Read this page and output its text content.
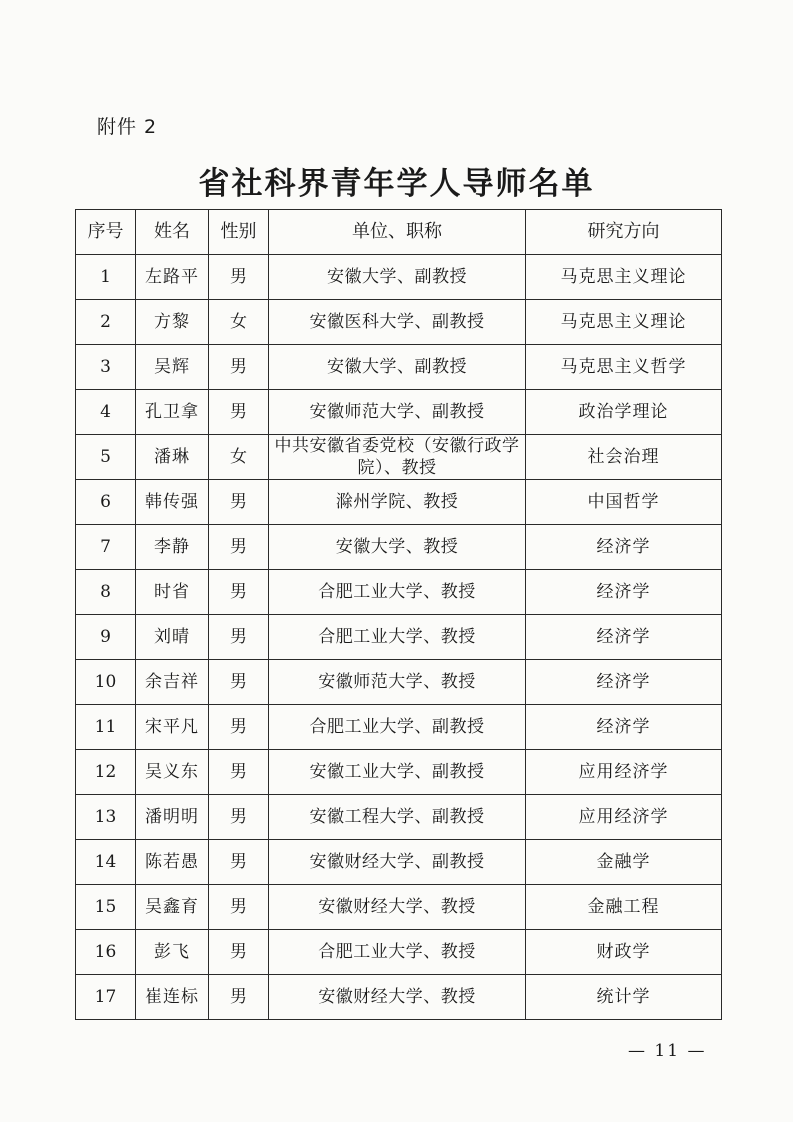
附件 2
省社科界青年学人导师名单
序号	姓名	性别	单位、职称	研究方向
1	左路平	男	安徽大学、副教授	马克思主义理论
2	方黎	女	安徽医科大学、副教授	马克思主义理论
3	吴辉	男	安徽大学、副教授	马克思主义哲学
4	孔卫拿	男	安徽师范大学、副教授	政治学理论
5	潘琳	女	中共安徽省委党校（安徽行政学院）、教授	社会治理
6	韩传强	男	滁州学院、教授	中国哲学
7	李静	男	安徽大学、教授	经济学
8	时省	男	合肥工业大学、教授	经济学
9	刘晴	男	合肥工业大学、教授	经济学
10	余吉祥	男	安徽师范大学、教授	经济学
11	宋平凡	男	合肥工业大学、副教授	经济学
12	吴义东	男	安徽工业大学、副教授	应用经济学
13	潘明明	男	安徽工程大学、副教授	应用经济学
14	陈若愚	男	安徽财经大学、副教授	金融学
15	吴鑫育	男	安徽财经大学、教授	金融工程
16	彭飞	男	合肥工业大学、教授	财政学
17	崔连标	男	安徽财经大学、教授	统计学
— 11 —
